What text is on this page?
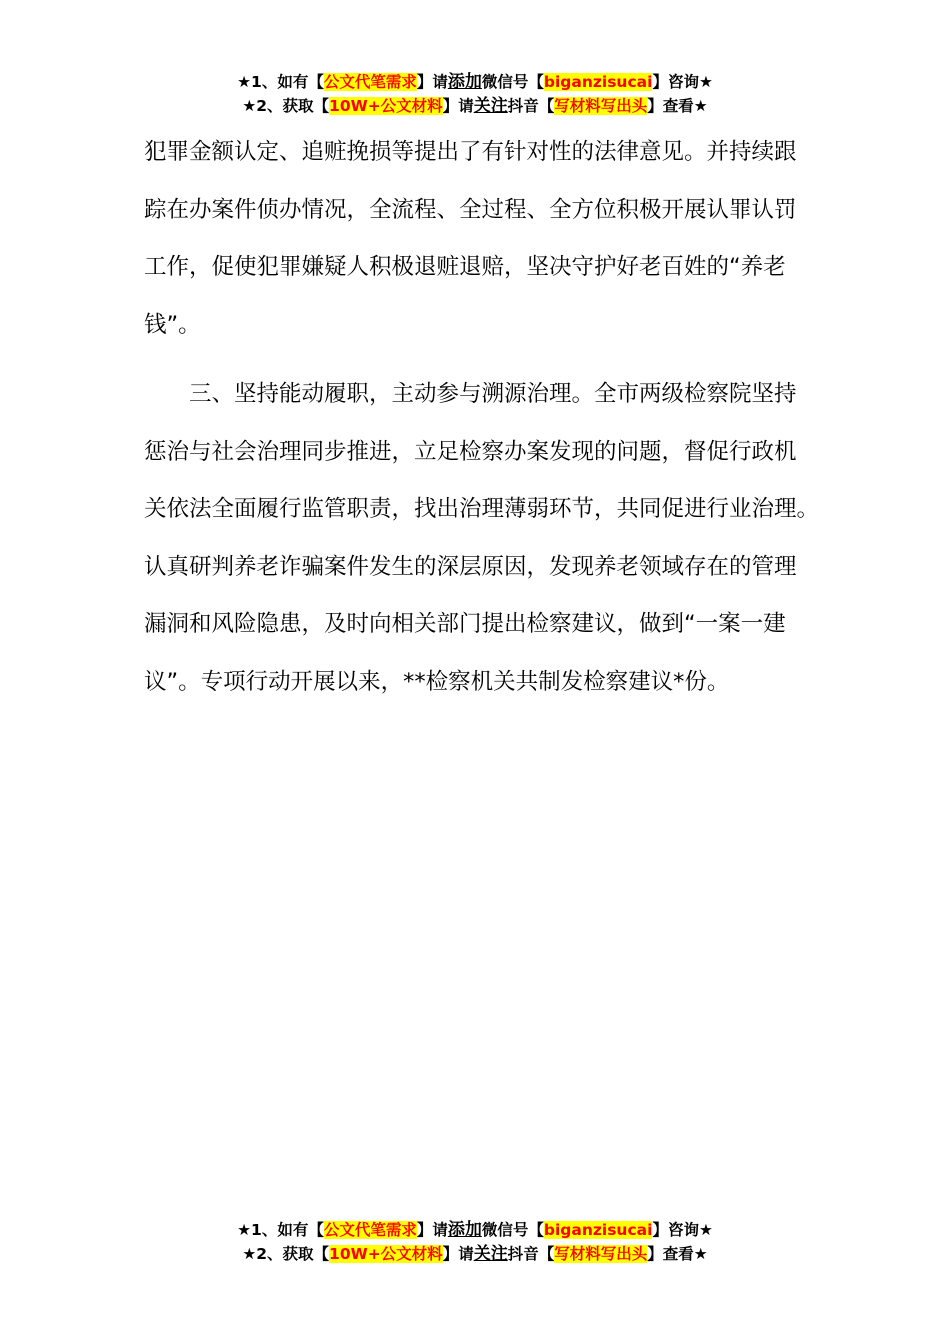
★1、如有【公文代笔需求】请添加微信号【biganzisucai】咨询★
★2、获取【10W+公文材料】请关注抖音【写材料写出头】查看★

犯罪金额认定、追赃挽损等提出了有针对性的法律意见。并持续跟

踪在办案件侦办情况，全流程、全过程、全方位积极开展认罪认罚

工作，促使犯罪嫌疑人积极退赃退赔，坚决守护好老百姓的“养老

钱”。

　　三、坚持能动履职，主动参与溯源治理。全市两级检察院坚持

惩治与社会治理同步推进，立足检察办案发现的问题，督促行政机

关依法全面履行监管职责，找出治理薄弱环节，共同促进行业治理。

认真研判养老诈骗案件发生的深层原因，发现养老领域存在的管理

漏洞和风险隐患，及时向相关部门提出检察建议，做到“一案一建

议”。专项行动开展以来，**检察机关共制发检察建议*份。

★1、如有【公文代笔需求】请添加微信号【biganzisucai】咨询★
★2、获取【10W+公文材料】请关注抖音【写材料写出头】查看★
